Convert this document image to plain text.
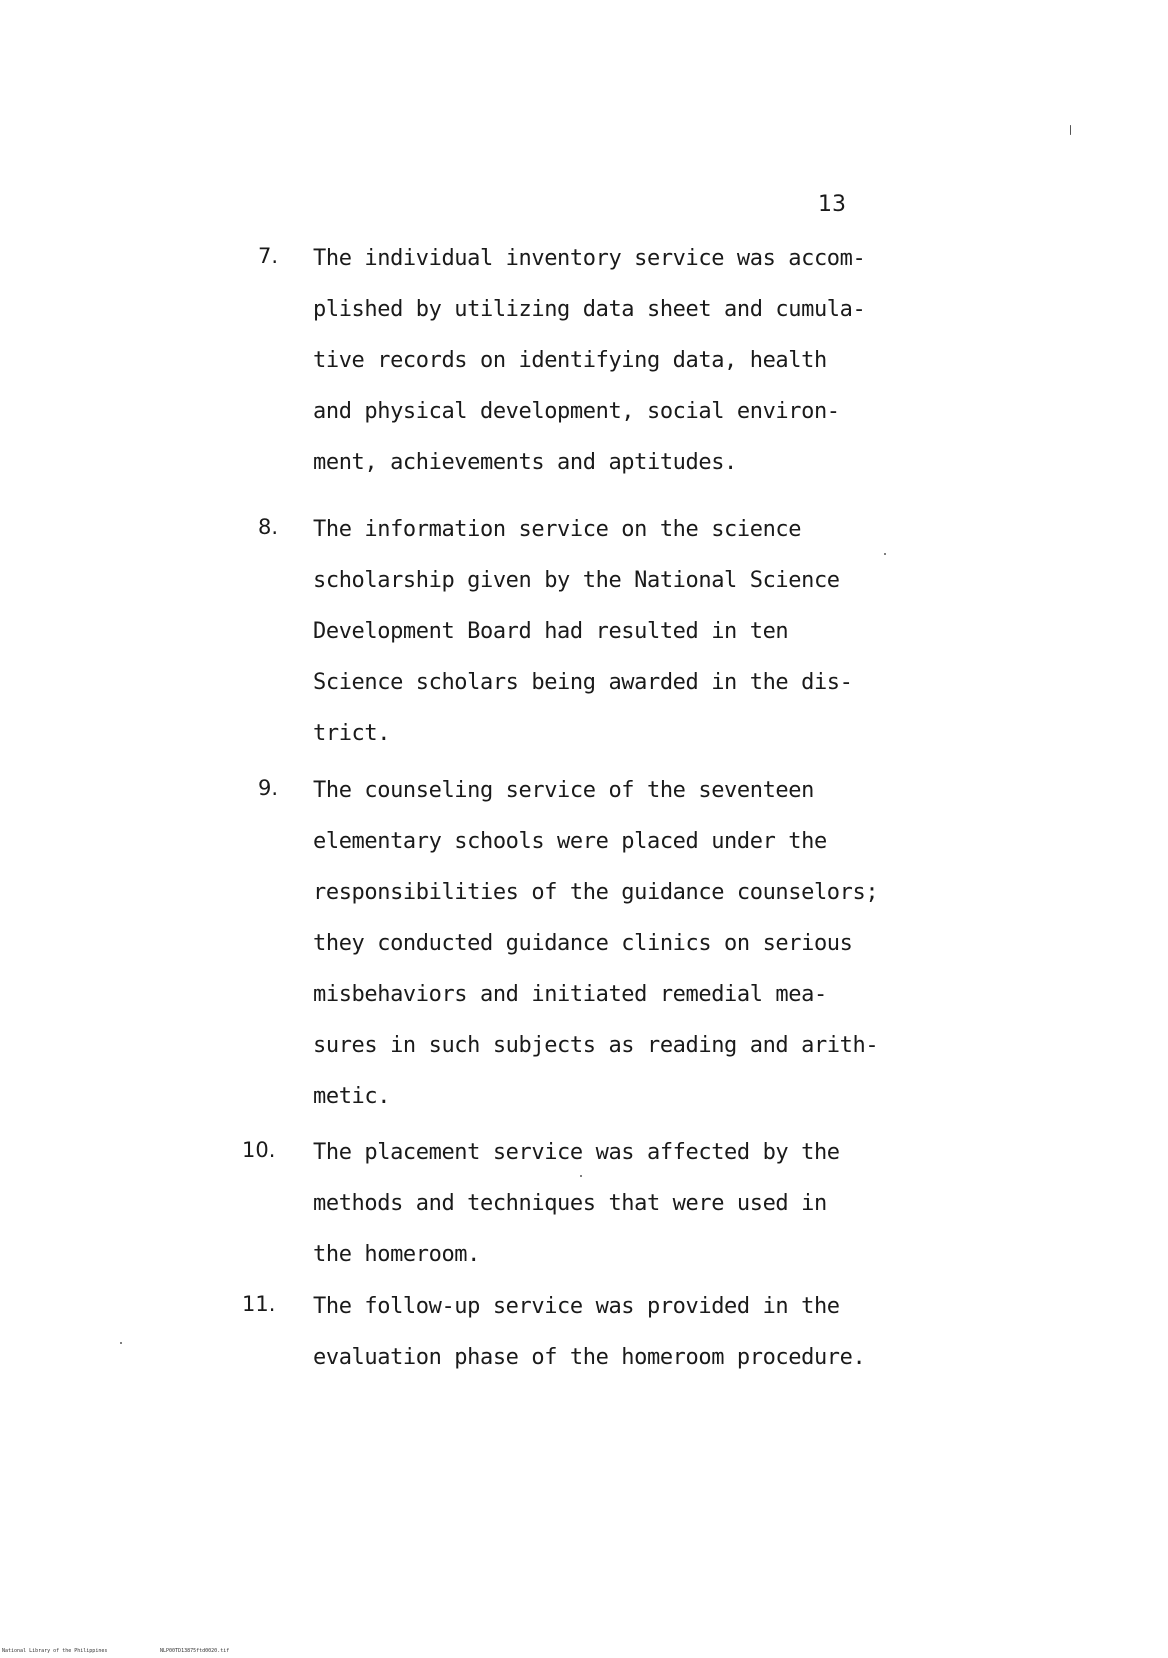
13
7. The individual inventory service was accom-
plished by utilizing data sheet and cumula-
tive records on identifying data, health
and physical development, social environ-
ment, achievements and aptitudes.
8. The information service on the science
scholarship given by the National Science
Development Board had resulted in ten
Science scholars being awarded in the dis-
trict.
9. The counseling service of the seventeen
elementary schools were placed under the
responsibilities of the guidance counselors;
they conducted guidance clinics on serious
misbehaviors and initiated remedial mea-
sures in such subjects as reading and arith-
metic.
10. The placement service was affected by the
methods and techniques that were used in
the homeroom.
11. The follow-up service was provided in the
evaluation phase of the homeroom procedure.
National Library of the Philippines	NLP00TD13875ftd0020.tif
